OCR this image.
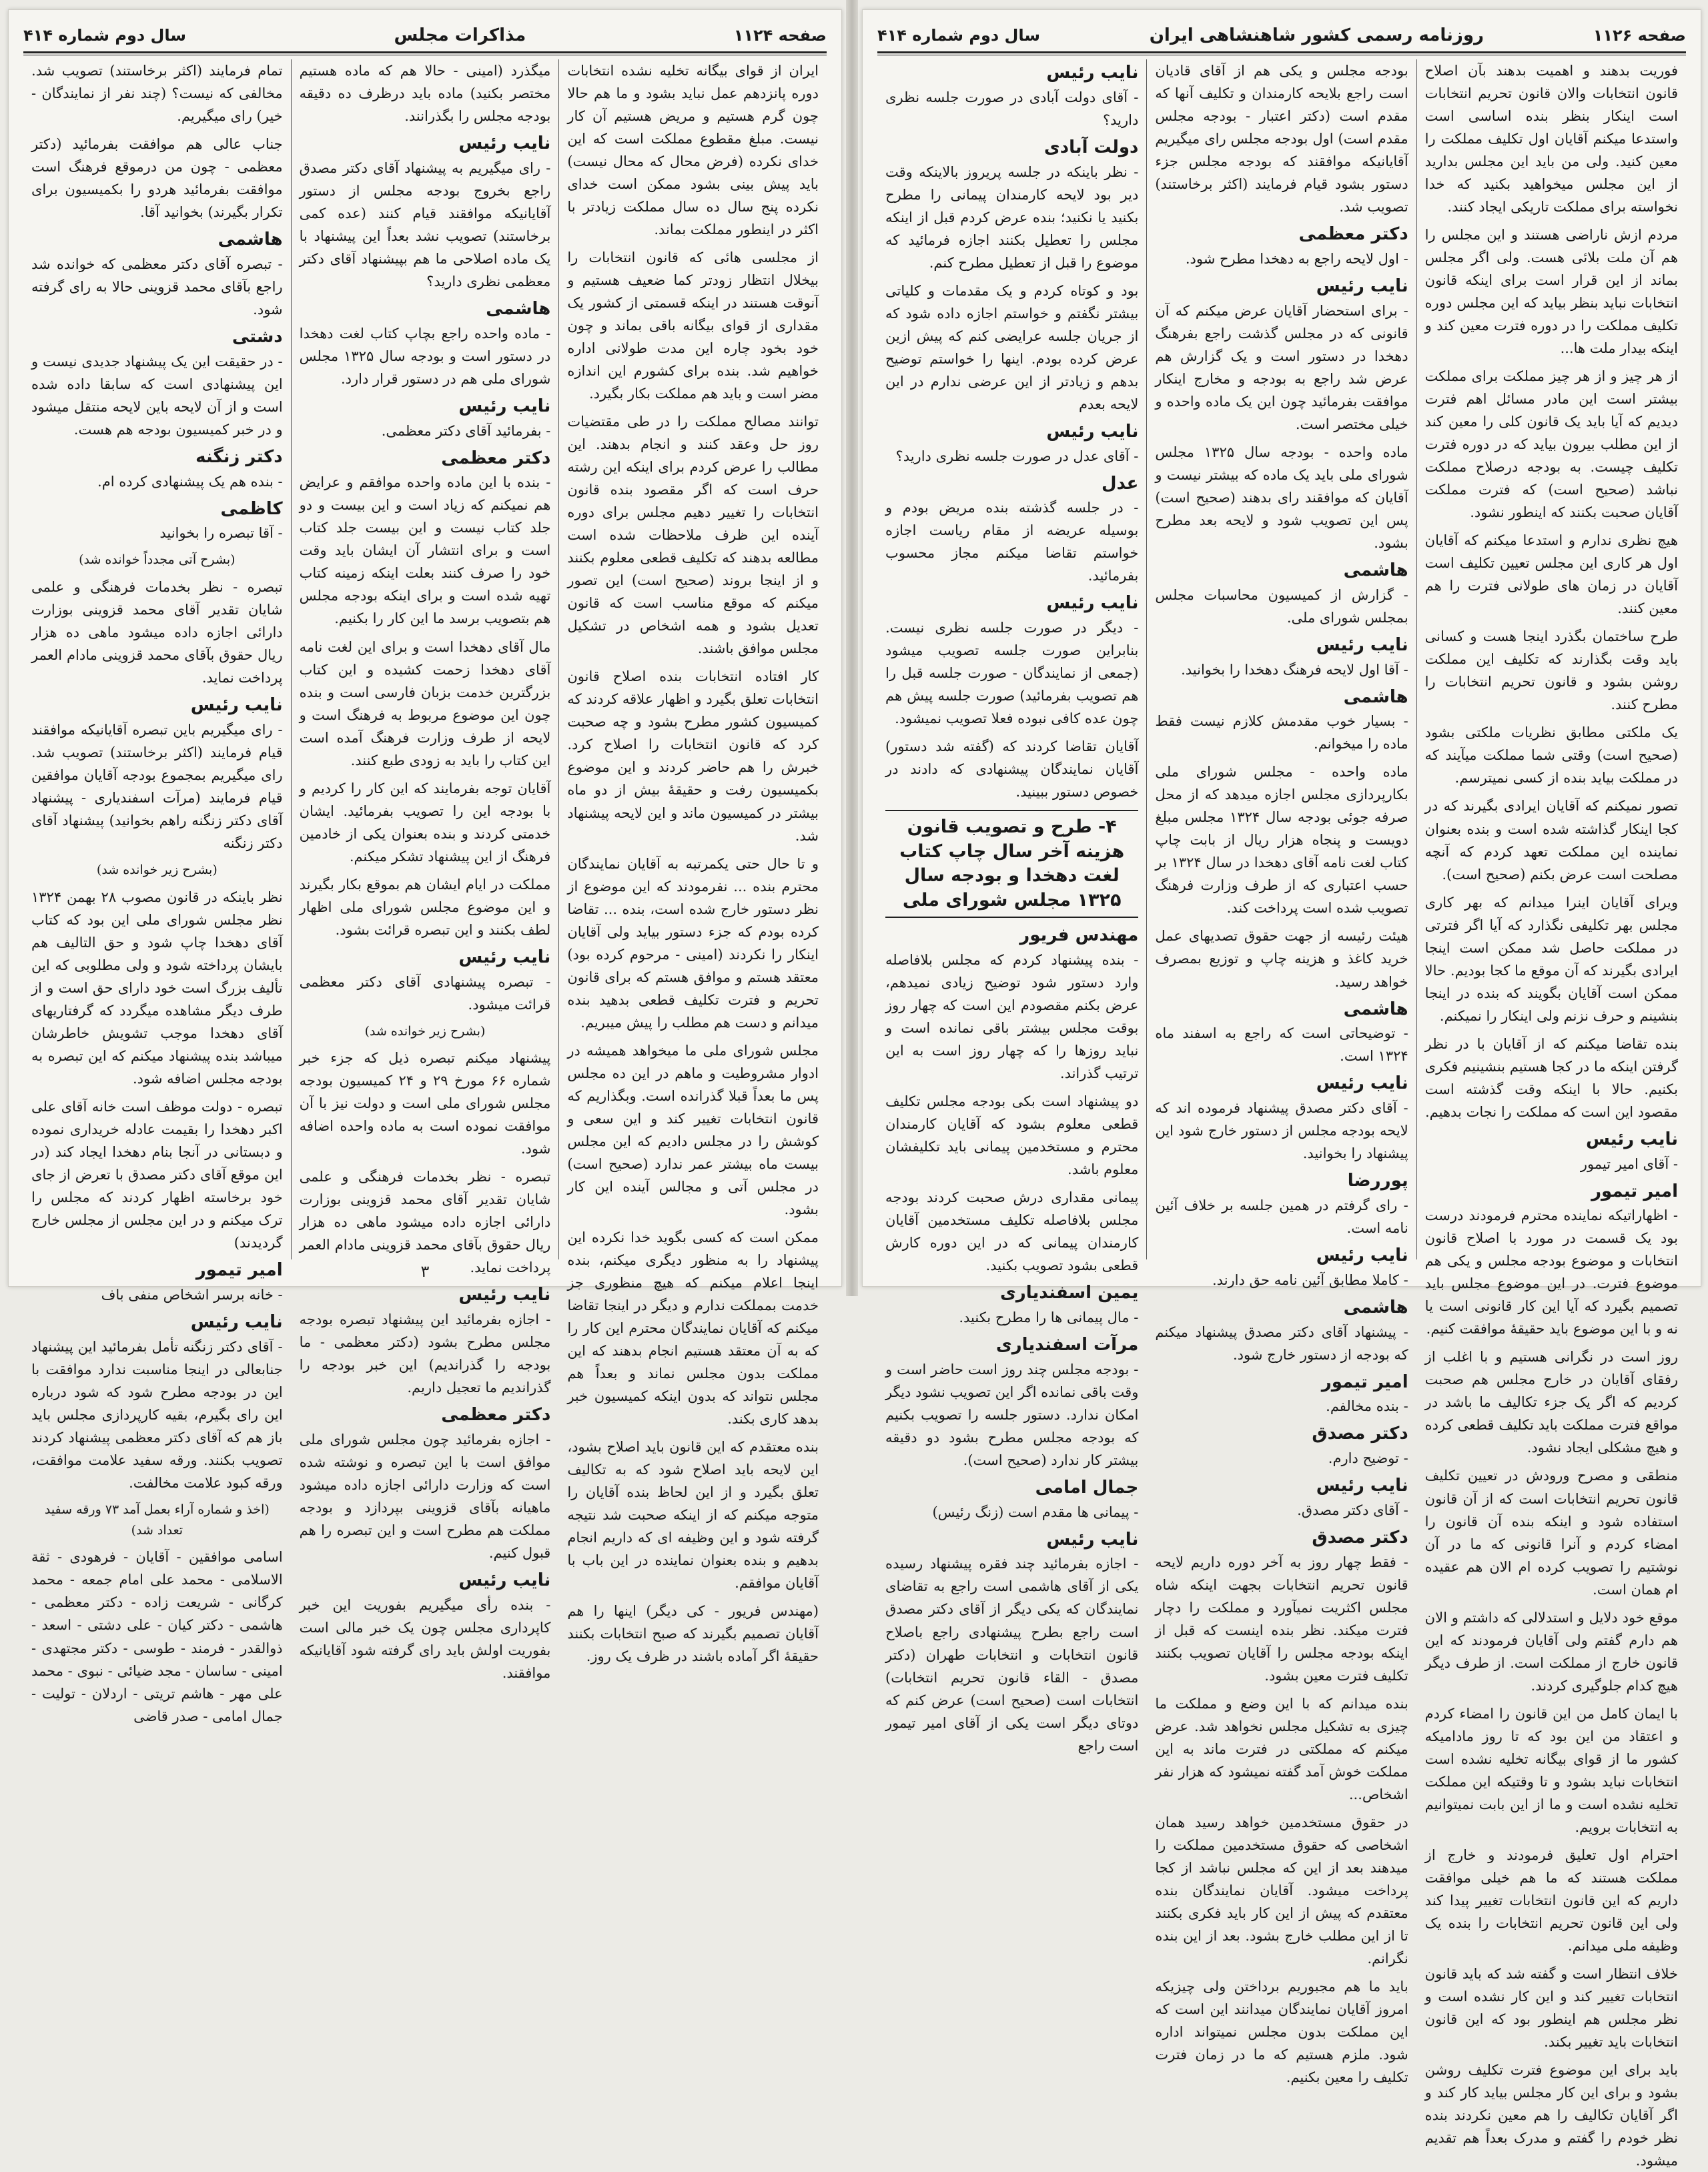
صفحه ۱۱۲۴
مذاکرات مجلس
سال دوم شماره ۴۱۴

ایران از قوای بیگانه تخلیه نشده انتخابات دوره پانزدهم عمل نباید بشود و ما هم حالا چون گرم هستیم و مریض هستیم آن کار نیست. مبلغ مقطوع مملکت است که این خدای نکرده (فرض محال که محال نیست) باید پیش بینی بشود ممکن است خدای نکرده پنج سال ده سال مملکت زیادتر با اکثر در اینطور مملکت بماند.

از مجلسی هائی که قانون انتخابات را بیخلال انتظار زودتر کما ضعیف هستیم و آنوقت هستند در اینکه قسمتی از کشور یک مقداری از قوای بیگانه باقی بماند و چون خود بخود چاره این مدت طولانی اداره خواهیم شد. بنده برای کشورم این اندازه مضر است و باید هم مملکت بکار بگیرد.

توانند مصالح مملکت را در طی مقتضیات روز حل وعقد کنند و انجام بدهند. این مطالب را عرض کردم برای اینکه این رشته حرف است که اگر مقصود بنده قانون انتخابات را تغییر دهیم مجلس برای دوره آینده این ظرف ملاحظات شده است مطالعه بدهند که تکلیف قطعی معلوم بکنند و از اینجا بروند (صحیح است) این تصور میکنم که موقع مناسب است که قانون تعدیل بشود و همه اشخاص در تشکیل مجلس موافق باشند.

کار افتاده انتخابات بنده اصلاح قانون انتخابات تعلق بگیرد و اظهار علاقه کردند که کمیسیون کشور مطرح بشود و چه صحبت کرد که قانون انتخابات را اصلاح کرد. خبرش را هم حاضر کردند و این موضوع بکمیسیون رفت و حقیقهٔ بیش از دو ماه بیشتر در کمیسیون ماند و این لایحه پیشنهاد شد.

و تا حال حتی یکمرتبه به آقایان نمایندگان محترم بنده ... نفرمودند که این موضوع از نظر دستور خارج شده است، بنده ... تقاضا کرده بودم که جزء دستور بیاید ولی آقایان اینکار را نکردند (امینی - مرحوم کرده بود) معتقد هستم و موافق هستم که برای قانون تحریم و فترت تکلیف قطعی بدهید بنده میدانم و دست هم مطلب را پیش میبریم.

مجلس شورای ملی ما میخواهد همیشه در ادوار مشروطیت و ماهم در این ده مجلس پس ما بعداً قبلا گذرانده است. وبگذاریم که قانون انتخابات تغییر کند و این سعی و کوشش را در مجلس دادیم که این مجلس بیست ماه بیشتر عمر ندارد (صحیح است) در مجلس آتی و مجالس آینده این کار بشود.

ممکن است که کسی بگوید خدا نکرده این پیشنهاد را به منظور دیگری میکنم، بنده اینجا اعلام میکنم که هیچ منظوری جز خدمت بمملکت ندارم و دیگر در اینجا تقاضا میکنم که آقایان نمایندگان محترم این کار را که به آن معتقد هستیم انجام بدهند که این مملکت بدون مجلس نماند و بعداً هم مجلس نتواند که بدون اینکه کمیسیون خبر بدهد کاری بکند.

بنده معتقدم که این قانون باید اصلاح بشود، این لایحه باید اصلاح شود که به تکالیف تعلق بگیرد و از این لحاظ بنده آقایان را متوجه میکنم که از اینکه صحبت شد نتیجه گرفته شود و این وظیفه ای که داریم انجام بدهیم و بنده بعنوان نماینده در این باب با آقایان موافقم.

(مهندس فریور - کی دیگر) اینها را هم آقایان تصمیم بگیرند که صبح انتخابات بکنند حقیقهٔ اگر آماده باشند در ظرف یک روز.

میگذرد (امینی - حالا هم که ماده هستیم مختصر بکنید) ماده باید درظرف ده دقیقه بودجه مجلس را بگذرانند.

نایب رئیس

- رای میگیریم به پیشنهاد آقای دکتر مصدق راجع بخروج بودجه مجلس از دستور آقایانیکه موافقند قیام کنند (عده کمی برخاستند) تصویب نشد بعداً این پیشنهاد با یک ماده اصلاحی ما هم بپیشنهاد آقای دکتر معظمی نظری دارید؟

هاشمی

- ماده واحده راجع بچاپ کتاب لغت دهخدا در دستور است و بودجه سال ۱۳۲۵ مجلس شورای ملی هم در دستور قرار دارد.

نایب رئیس

- بفرمائید آقای دکتر معظمی.

دکتر معظمی

- بنده با این ماده واحده موافقم و عرایض هم نمیکنم که زیاد است و این بیست و دو جلد کتاب نیست و این بیست جلد کتاب است و برای انتشار آن ایشان باید وقت خود را صرف کنند بعلت اینکه زمینه کتاب تهیه شده است و برای اینکه بودجه مجلس هم بتصویب برسد ما این کار را بکنیم.

مال آقای دهخدا است و برای این لغت نامه آقای دهخدا زحمت کشیده و این کتاب بزرگترین خدمت بزبان فارسی است و بنده چون این موضوع مربوط به فرهنگ است و لایحه از طرف وزارت فرهنگ آمده است این کتاب را باید به زودی طبع کنند.

آقایان توجه بفرمایند که این کار را کردیم و با بودجه این را تصویب بفرمائید. ایشان خدمتی کردند و بنده بعنوان یکی از خادمین فرهنگ از این پیشنهاد تشکر میکنم.

مملکت در ایام ایشان هم بموقع بکار بگیرند و این موضوع مجلس شورای ملی اظهار لطف بکنند و این تبصره قرائت بشود.

نایب رئیس

- تبصره پیشنهادی آقای دکتر معظمی قرائت میشود.

(بشرح زیر خوانده شد)

پیشنهاد میکنم تبصره ذیل که جزء خبر شماره ۶۶ مورخ ۲۹ و ۲۴ کمیسیون بودجه مجلس شورای ملی است و دولت نیز با آن موافقت نموده است به ماده واحده اضافه شود.

تبصره - نظر بخدمات فرهنگی و علمی شایان تقدیر آقای محمد قزوینی بوزارت دارائی اجازه داده میشود ماهی ده هزار ریال حقوق بآقای محمد قزوینی مادام العمر پرداخت نماید.

نایب رئیس

- اجازه بفرمائید این پیشنهاد تبصره بودجه مجلس مطرح بشود (دکتر معظمی - ما بودجه را گذراندیم) این خبر بودجه را گذراندیم ما تعجیل داریم.

دکتر معظمی

- اجازه بفرمائید چون مجلس شورای ملی موافق است با این تبصره و نوشته شده است که وزارت دارائی اجازه داده میشود ماهیانه بآقای قزوینی بپردازد و بودجه مملکت هم مطرح است و این تبصره را هم قبول کنیم.

نایب رئیس

- بنده رأی میگیریم بفوریت این خبر کاپرداری مجلس چون یک خبر مالی است بفوریت اولش باید رای گرفته شود آقایانیکه موافقند.

تمام فرمایند (اکثر برخاستند) تصویب شد. مخالفی که نیست؟ (چند نفر از نمایندگان - خیر) رای میگیریم.

جناب عالی هم موافقت بفرمائید (دکتر معظمی - چون من درموقع فرهنگ است موافقت بفرمائید هردو را بکمیسیون برای تکرار بگیرند) بخوانید آقا.

هاشمی

- تبصره آقای دکتر معظمی که خوانده شد راجع بآقای محمد قزوینی حالا به رای گرفته شود.

دشتی

- در حقیقت این یک پیشنهاد جدیدی نیست و این پیشنهادی است که سابقا داده شده است و از آن لایحه باین لایحه منتقل میشود و در خبر کمیسیون بودجه هم هست.

دکتر زنگنه

- بنده هم یک پیشنهادی کرده ام.

کاظمی

- آقا تبصره را بخوانید

(بشرح آتی مجدداً خوانده شد)

تبصره - نظر بخدمات فرهنگی و علمی شایان تقدیر آقای محمد قزوینی بوزارت دارائی اجازه داده میشود ماهی ده هزار ریال حقوق بآقای محمد قزوینی مادام العمر پرداخت نماید.

نایب رئیس

- رای میگیریم باین تبصره آقایانیکه موافقند قیام فرمایند (اکثر برخاستند) تصویب شد. رای میگیریم بمجموع بودجه آقایان موافقین قیام فرمایند (مرآت اسفندیاری - پیشنهاد آقای دکتر زنگنه راهم بخوانید) پیشنهاد آقای دکتر زنگنه

(بشرح زیر خوانده شد)

نظر باینکه در قانون مصوب ۲۸ بهمن ۱۳۲۴ نظر مجلس شورای ملی این بود که کتاب آقای دهخدا چاپ شود و حق التالیف هم بایشان پرداخته شود و ولی مطلوبی که این تألیف بزرگ است خود دارای حق است و از طرف دیگر مشاهده میگردد که گرفتاریهای آقای دهخدا موجب تشویش خاطرشان میباشد بنده پیشنهاد میکنم که این تبصره به بودجه مجلس اضافه شود.

تبصره - دولت موظف است خانه آقای علی اکبر دهخدا را بقیمت عادله خریداری نموده و دبستانی در آنجا بنام دهخدا ایجاد کند (در این موقع آقای دکتر مصدق با تعرض از جای خود برخاسته اظهار کردند که مجلس را ترک میکنم و در این مجلس از مجلس خارج گردیدند)

امیر تیمور

- خانه برسر اشخاص منفی باف

نایب رئیس

- آقای دکتر زنگنه تأمل بفرمائید این پیشنهاد جنابعالی در اینجا مناسبت ندارد موافقت با این در بودجه مطرح شود که شود درباره این رای بگیرم، بقیه کارپردازی مجلس باید باز هم که آقای دکتر معظمی پیشنهاد کردند تصویب بکنند. ورقه سفید علامت موافقت، ورقه کبود علامت مخالفت.

(اخذ و شماره آراء بعمل آمد ۷۳ ورقه سفید تعداد شد)

اسامی موافقین - آقایان - فرهودی - ثقة الاسلامی - محمد علی امام جمعه - محمد کرگانی - شریعت زاده - دکتر معظمی - هاشمی - دکتر کیان - علی دشتی - اسعد - ذوالقدر - فرمند - طوسی - دکتر مجتهدی - امینی - ساسان - مجد ضیائی - نبوی - محمد علی مهر - هاشم تریتی - اردلان - تولیت - جمال امامی - صدر قاضی

۳
صفحه ۱۱۲۶
روزنامه رسمی کشور شاهنشاهی ایران
سال دوم شماره ۴۱۴

فوریت بدهند و اهمیت بدهند بآن اصلاح قانون انتخابات والان قانون تحریم انتخابات است اینکار بنظر بنده اساسی است واستدعا میکنم آقایان اول تکلیف مملکت را معین کنید. ولی من باید این مجلس بدارید از این مجلس میخواهید بکنید که خدا نخواسته برای مملکت تاریکی ایجاد کنند.

مردم ازش ناراضی هستند و این مجلس را هم آن ملت بلائی هست. ولی اگر مجلس بماند از این قرار است برای اینکه قانون انتخابات نباید بنظر بیاید که این مجلس دوره تکلیف مملکت را در دوره فترت معین کند و اینکه بیدار ملت ها...

از هر چیز و از هر چیز مملکت برای مملکت بیشتر است این مادر مسائل اهم فترت دیدیم که آیا باید یک قانون کلی را معین کند از این مطلب بیرون بیاید که در دوره فترت تکلیف چیست. به بودجه درصلاح مملکت نباشد (صحیح است) که فترت مملکت آقایان صحبت بکنند که اینطور نشود.

هیچ نظری ندارم و استدعا میکنم که آقایان اول هر کاری این مجلس تعیین تکلیف است آقایان در زمان های طولانی فترت را هم معین کنند.

طرح ساختمان بگذرد اینجا هست و کسانی باید وقت بگذارند که تکلیف این مملکت روشن بشود و قانون تحریم انتخابات را مطرح کنند.

یک ملکتی مطابق نظریات ملکتی بشود (صحیح است) وقتی شما مملکت میآیند که در مملکت بیاید بنده از کسی نمیترسم.

تصور نمیکنم که آقایان ایرادی بگیرند که در کجا اینکار گذاشته شده است و بنده بعنوان نماینده این مملکت تعهد کردم که آنچه مصلحت است عرض بکنم (صحیح است).

ویرای آقایان اینرا میدانم که بهر کاری مجلس بهر تکلیفی نگذارد که آیا اگر فترتی در مملکت حاصل شد ممکن است اینجا ایرادی بگیرند که آن موقع ما کجا بودیم. حالا ممکن است آقایان بگویند که بنده در اینجا بنشینم و حرف نزنم ولی اینکار را نمیکنم.

بنده تقاضا میکنم که از آقایان با در نظر گرفتن اینکه ما در کجا هستیم بنشینیم فکری بکنیم. حالا با اینکه وقت گذشته است مقصود این است که مملکت را نجات بدهیم.

نایب رئیس

- آقای امیر تیمور

امیر تیمور

- اظهاراتیکه نماینده محترم فرمودند درست بود یک قسمت در مورد با اصلاح قانون انتخابات و موضوع بودجه مجلس و یکی هم موضوع فترت. در این موضوع مجلس باید تصمیم بگیرد که آیا این کار قانونی است یا نه و با این موضوع باید حقیقهٔ موافقت کنیم.

روز است در نگرانی هستیم و با اغلب از رفقای آقایان در خارج مجلس هم صحبت کردیم که اگر یک جزء تکالیف ما باشد در مواقع فترت مملکت باید تکلیف قطعی کرده و هیچ مشکلی ایجاد نشود.

منطقی و مصرح ورودش در تعیین تکلیف قانون تحریم انتخابات است که از آن قانون استفاده شود و اینکه بنده آن قانون را امضاء کردم و آنرا قانونی که ما در آن نوشتیم را تصویب کرده ام الان هم عقیده ام همان است.

موقع خود دلایل و استدلالی که داشتم و الان هم دارم گفتم ولی آقایان فرمودند که این قانون خارج از مملکت است. از طرف دیگر هیچ کدام جلوگیری کردند.

با ایمان کامل من این قانون را امضاء کردم و اعتقاد من این بود که تا روز مادامیکه کشور ما از قوای بیگانه تخلیه نشده است انتخابات نباید بشود و تا وقتیکه این مملکت تخلیه نشده است و ما از این بابت نمیتوانیم به انتخابات برویم.

احترام اول تعلیق فرمودند و خارج از مملکت هستند که ما هم خیلی موافقت داریم که این قانون انتخابات تغییر پیدا کند ولی این قانون تحریم انتخابات را بنده یک وظیفه ملی میدانم.

خلاف انتظار است و گفته شد که باید قانون انتخابات تغییر کند و این کار نشده است و نظر مجلس هم اینطور بود که این قانون انتخابات باید تغییر بکند.

باید برای این موضوع فترت تکلیف روشن بشود و برای این کار مجلس بیاید کار کند و اگر آقایان تکالیف را هم معین نکردند بنده نظر خودم را گفتم و مدرک بعداً هم تقدیم میشود.

بودجه مجلس و یکی هم از آقای قادیان است راجع بلایحه کارمندان و تکلیف آنها که مقدم است (دکتر اعتبار - بودجه مجلس مقدم است) اول بودجه مجلس رای میگیریم آقایانیکه موافقند که بودجه مجلس جزء دستور بشود قیام فرمایند (اکثر برخاستند) تصویب شد.

دکتر معظمی

- اول لایحه راجع به دهخدا مطرح شود.

نایب رئیس

- برای استحضار آقایان عرض میکنم که آن قانونی که در مجلس گذشت راجع بفرهنگ دهخدا در دستور است و یک گزارش هم عرض شد راجع به بودجه و مخارج اینکار موافقت بفرمائید چون این یک ماده واحده و خیلی مختصر است.

ماده واحده - بودجه سال ۱۳۲۵ مجلس شورای ملی باید یک ماده که بیشتر نیست و آقایان که موافقند رای بدهند (صحیح است) پس این تصویب شود و لایحه بعد مطرح بشود.

هاشمی

- گزارش از کمیسیون محاسبات مجلس بمجلس شورای ملی.

نایب رئیس

- آقا اول لایحه فرهنگ دهخدا را بخوانید.

هاشمی

- بسیار خوب مقدمش کلازم نیست فقط ماده را میخوانم.

ماده واحده - مجلس شورای ملی بکارپردازی مجلس اجازه میدهد که از محل صرفه جوئی بودجه سال ۱۳۲۴ مجلس مبلغ دویست و پنجاه هزار ریال از بابت چاپ کتاب لغت نامه آقای دهخدا در سال ۱۳۲۴ بر حسب اعتباری که از طرف وزارت فرهنگ تصویب شده است پرداخت کند.

هیئت رئیسه از جهت حقوق تصدیهای عمل خرید کاغذ و هزینه چاپ و توزیع بمصرف خواهد رسید.

هاشمی

- توضیحاتی است که راجع به اسفند ماه ۱۳۲۴ است.

نایب رئیس

- آقای دکتر مصدق پیشنهاد فرموده اند که لایحه بودجه مجلس از دستور خارج شود این پیشنهاد را بخوانید.

پوررضا

- رای گرفتم در همین جلسه بر خلاف آئین نامه است.

نایب رئیس

- کاملا مطابق آئین نامه حق دارند.

هاشمی

- پیشنهاد آقای دکتر مصدق پیشنهاد میکنم که بودجه از دستور خارج شود.

امیر تیمور

- بنده مخالفم.

دکتر مصدق

- توضیح دارم.

نایب رئیس

- آقای دکتر مصدق.

دکتر مصدق

- فقط چهار روز به آخر دوره داریم لایحه قانون تحریم انتخابات بجهت اینکه شاه مجلس اکثریت نمیآورد و مملکت را دچار فترت میکند. نظر بنده اینست که قبل از اینکه بودجه مجلس را آقایان تصویب بکنند تکلیف فترت معین بشود.

بنده میدانم که با این وضع و مملکت ما چیزی به تشکیل مجلس نخواهد شد. عرض میکنم که مملکتی در فترت ماند به این مملکت خوش آمد گفته نمیشود که هزار نفر اشخاص...

در حقوق مستخدمین خواهد رسید همان اشخاصی که حقوق مستخدمین مملکت را میدهند بعد از این که مجلس نباشد از کجا پرداخت میشود. آقایان نمایندگان بنده معتقدم که پیش از این کار باید فکری بکنند تا از این مطلب خارج بشود. بعد از این بنده نگرانم.

باید ما هم مجبوریم برداختن ولی چیزیکه امروز آقایان نمایندگان میدانند این است که این مملکت بدون مجلس نمیتواند اداره شود. ملزم هستیم که ما در زمان فترت تکلیف را معین بکنیم.

نایب رئیس

- آقای دولت آبادی در صورت جلسه نظری دارید؟

دولت آبادی

- نظر باینکه در جلسه پریروز بالاینکه وقت دیر بود لایحه کارمندان پیمانی را مطرح بکنید یا نکنید؛ بنده عرض کردم قبل از اینکه مجلس را تعطیل بکنند اجازه فرمائید که موضوع را قبل از تعطیل مطرح کنم.

بود و کوتاه کردم و یک مقدمات و کلیاتی بیشتر نگفتم و خواستم اجازه داده شود که از جریان جلسه عرایضی کنم که پیش ازین عرض کرده بودم. اینها را خواستم توضیح بدهم و زیادتر از این عرضی ندارم در این لایحه بعدم

نایب رئیس

- آقای عدل در صورت جلسه نظری دارید؟

عدل

- در جلسه گذشته بنده مریض بودم و بوسیله عریضه از مقام ریاست اجازه خواستم تقاضا میکنم مجاز محسوب بفرمائید.

نایب رئیس

- دیگر در صورت جلسه نظری نیست. بنابراین صورت جلسه تصویب میشود (جمعی از نمایندگان - صورت جلسه قبل را هم تصویب بفرمائید) صورت جلسه پیش هم چون عده کافی نبوده فعلا تصویب نمیشود.

آقایان تقاضا کردند که (گفته شد دستور) آقایان نمایندگان پیشنهادی که دادند در خصوص دستور ببینید.

۴- طرح و تصویب قانون هزینه آخر سال چاپ کتاب لغت دهخدا و بودجه سال ۱۳۲۵ مجلس شورای ملی
مهندس فریور

- بنده پیشنهاد کردم که مجلس بلافاصله وارد دستور شود توضیح زیادی نمیدهم، عرض بکنم مقصودم این است که چهار روز بوقت مجلس بیشتر باقی نمانده است و نباید روزها را که چهار روز است به این ترتیب گذراند.

دو پیشنهاد است بکی بودجه مجلس تکلیف قطعی معلوم بشود که آقایان کارمندان محترم و مستخدمین پیمانی باید تکلیفشان معلوم باشد.

پیمانی مقداری درش صحبت کردند بودجه مجلس بلافاصله تکلیف مستخدمین آقایان کارمندان پیمانی که در این دوره کارش قطعی بشود تصویب بکنید.

یمین اسفندیاری

- مال پیمانی ها را مطرح بکنید.

مرآت اسفندیاری

- بودجه مجلس چند روز است حاضر است و وقت باقی نمانده اگر این تصویب نشود دیگر امکان ندارد. دستور جلسه را تصویب بکنیم که بودجه مجلس مطرح بشود دو دقیقه بیشتر کار ندارد (صحیح است).

جمال امامی

- پیمانی ها مقدم است (زنگ رئیس)

نایب رئیس

- اجازه بفرمائید چند فقره پیشنهاد رسیده یکی از آقای هاشمی است راجع به تقاضای نمایندگان که یکی دیگر از آقای دکتر مصدق است راجع بطرح پیشنهادی راجع باصلاح قانون انتخابات و انتخابات طهران (دکتر مصدق - القاء قانون تحریم انتخابات) انتخابات است (صحیح است) عرض کنم که دوتای دیگر است یکی از آقای امیر تیمور است راجع
